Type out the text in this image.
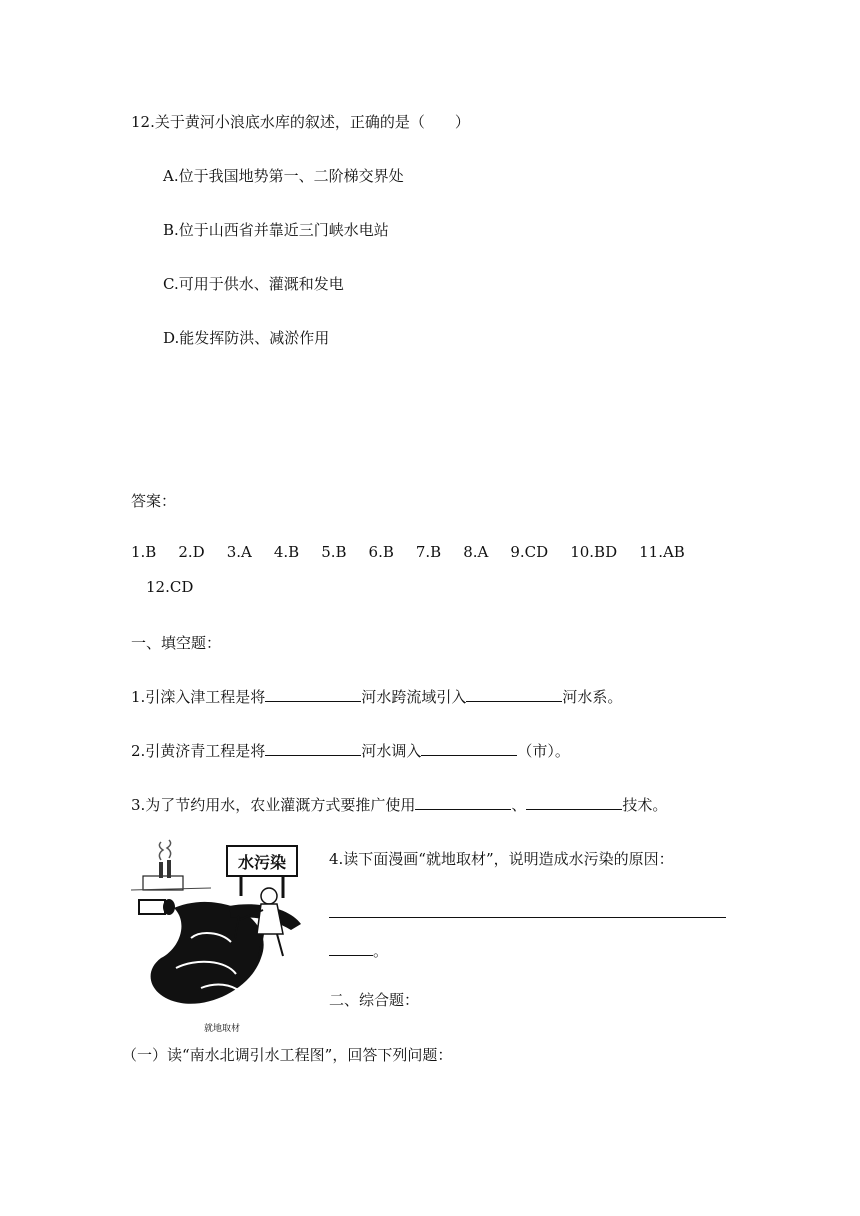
12.关于黄河小浪底水库的叙述，正确的是（　　）
A.位于我国地势第一、二阶梯交界处
B.位于山西省并靠近三门峡水电站
C.可用于供水、灌溉和发电
D.能发挥防洪、减淤作用
答案：
1.B 2.D 3.A 4.B 5.B 6.B 7.B 8.A 9.CD 10.BD 11.AB
12.CD
一、填空题：
1.引滦入津工程是将	河水跨流域引入	河水系。
2.引黄济青工程是将	河水调入	（市）。
3.为了节约用水，农业灌溉方式要推广使用	、	技术。
水污染
就地取材
4.读下面漫画“就地取材”，说明造成水污染的原因：
。
二、综合题：
（一）读“南水北调引水工程图”，回答下列问题：
